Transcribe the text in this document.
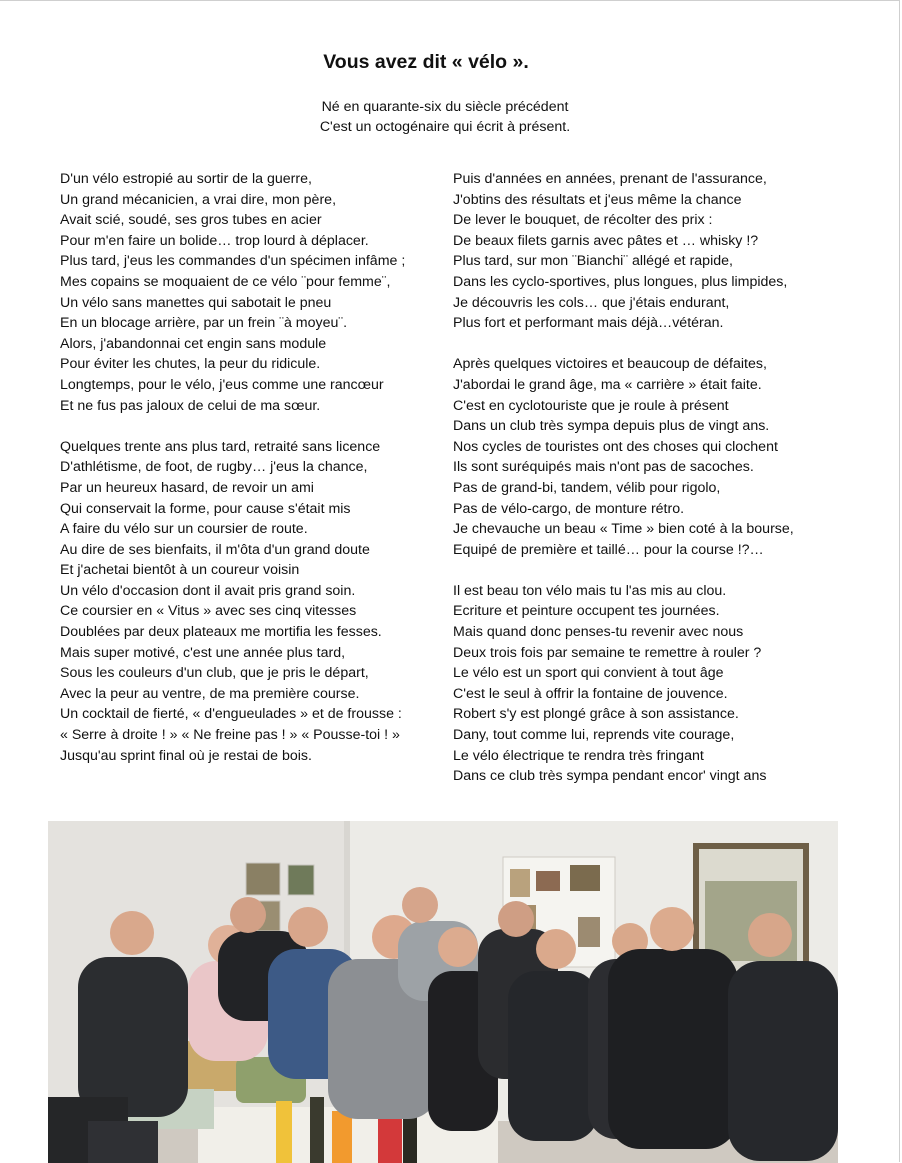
Vous avez dit « vélo ».
Né en quarante-six du siècle précédent
C'est un octogénaire qui écrit à présent.
D'un vélo estropié au sortir de la guerre,
Un grand mécanicien, a vrai dire, mon père,
Avait scié, soudé, ses gros tubes en acier
Pour m'en faire un bolide… trop lourd à déplacer.
Plus tard, j'eus les commandes d'un spécimen infâme ;
Mes copains se moquaient de ce vélo ¨pour femme¨,
Un vélo sans manettes qui sabotait le pneu
En un blocage arrière, par un frein ¨à moyeu¨.
Alors, j'abandonnai cet engin sans module
Pour éviter les chutes, la peur du ridicule.
Longtemps, pour le vélo, j'eus comme une rancœur
Et ne fus pas jaloux de celui de ma sœur.
Quelques trente ans plus tard, retraité sans licence
D'athlétisme, de foot, de rugby… j'eus la chance,
Par un heureux hasard, de revoir un ami
Qui conservait la forme, pour cause s'était mis
A faire du vélo sur un coursier de route.
Au dire de ses bienfaits, il m'ôta d'un grand doute
Et j'achetai bientôt à un coureur voisin
Un vélo d'occasion dont il avait pris grand soin.
Ce coursier en « Vitus » avec ses cinq vitesses
Doublées par deux plateaux me mortifia les fesses.
Mais super motivé, c'est une année plus tard,
Sous les couleurs d'un club, que je pris le départ,
Avec la peur au ventre, de ma première course.
Un cocktail de fierté, « d'engueulades » et de frousse :
« Serre à droite ! » « Ne freine pas ! » « Pousse-toi ! »
Jusqu'au sprint final où je restai de bois.
Puis d'années en années, prenant de l'assurance,
J'obtins des résultats et j'eus même la chance
De lever le bouquet, de récolter des prix :
De beaux filets garnis avec pâtes et … whisky !?
Plus tard, sur mon ¨Bianchi¨ allégé et rapide,
Dans les cyclo-sportives, plus longues, plus limpides,
Je découvris les cols… que j'étais endurant,
Plus fort et performant mais déjà…vétéran.
Après quelques victoires et beaucoup de défaites,
J'abordai le grand âge, ma « carrière » était faite.
C'est en cyclotouriste que je roule à présent
Dans un club très sympa depuis plus de vingt ans.
Nos cycles de touristes ont des choses qui clochent
Ils sont suréquipés mais n'ont pas de sacoches.
Pas de grand-bi, tandem, vélib pour rigolo,
Pas de vélo-cargo, de monture rétro.
Je chevauche un beau « Time » bien coté à la bourse,
Equipé de première et taillé… pour la course !?…
Il est beau ton vélo mais tu l'as mis au clou.
Ecriture et peinture occupent tes journées.
Mais quand donc penses-tu revenir avec nous
Deux trois fois par semaine te remettre à rouler ?
Le vélo est un sport qui convient à tout âge
C'est le seul à offrir la fontaine de jouvence.
Robert s'y est plongé grâce à son assistance.
Dany, tout comme lui, reprends vite courage,
Le vélo électrique te rendra très fringant
Dans ce club très sympa pendant encor' vingt ans
